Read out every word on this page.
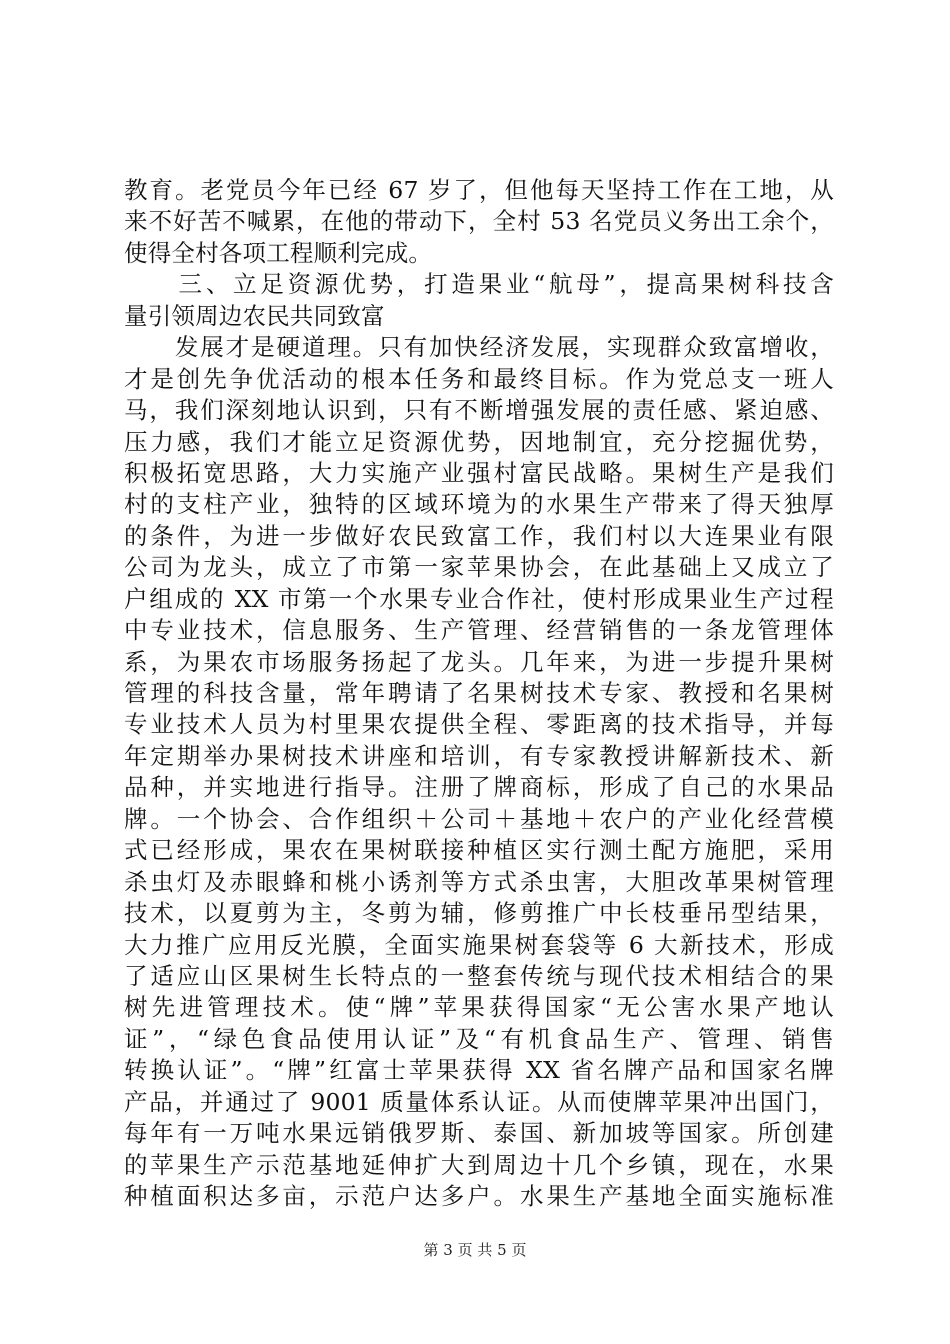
教育。老党员今年已经 67 岁了，但他每天坚持工作在工地，从
来不好苦不喊累，在他的带动下，全村 53 名党员义务出工余个，
使得全村各项工程顺利完成。
　　三、立足资源优势，打造果业“航母”，提高果树科技含
量引领周边农民共同致富
　　发展才是硬道理。只有加快经济发展，实现群众致富增收，
才是创先争优活动的根本任务和最终目标。作为党总支一班人
马，我们深刻地认识到，只有不断增强发展的责任感、紧迫感、
压力感，我们才能立足资源优势，因地制宜，充分挖掘优势，
积极拓宽思路，大力实施产业强村富民战略。果树生产是我们
村的支柱产业，独特的区域环境为的水果生产带来了得天独厚
的条件，为进一步做好农民致富工作，我们村以大连果业有限
公司为龙头，成立了市第一家苹果协会，在此基础上又成立了
户组成的 XX 市第一个水果专业合作社，使村形成果业生产过程
中专业技术，信息服务、生产管理、经营销售的一条龙管理体
系，为果农市场服务扬起了龙头。几年来，为进一步提升果树
管理的科技含量，常年聘请了名果树技术专家、教授和名果树
专业技术人员为村里果农提供全程、零距离的技术指导，并每
年定期举办果树技术讲座和培训，有专家教授讲解新技术、新
品种，并实地进行指导。注册了牌商标，形成了自己的水果品
牌。一个协会、合作组织＋公司＋基地＋农户的产业化经营模
式已经形成，果农在果树联接种植区实行测土配方施肥，采用
杀虫灯及赤眼蜂和桃小诱剂等方式杀虫害，大胆改革果树管理
技术，以夏剪为主，冬剪为辅，修剪推广中长枝垂吊型结果，
大力推广应用反光膜，全面实施果树套袋等 6 大新技术，形成
了适应山区果树生长特点的一整套传统与现代技术相结合的果
树先进管理技术。使“牌”苹果获得国家“无公害水果产地认
证”，“绿色食品使用认证”及“有机食品生产、管理、销售
转换认证”。“牌”红富士苹果获得 XX 省名牌产品和国家名牌
产品，并通过了 9001 质量体系认证。从而使牌苹果冲出国门，
每年有一万吨水果远销俄罗斯、泰国、新加坡等国家。所创建
的苹果生产示范基地延伸扩大到周边十几个乡镇，现在，水果
种植面积达多亩，示范户达多户。水果生产基地全面实施标准
第 3 页 共 5 页
